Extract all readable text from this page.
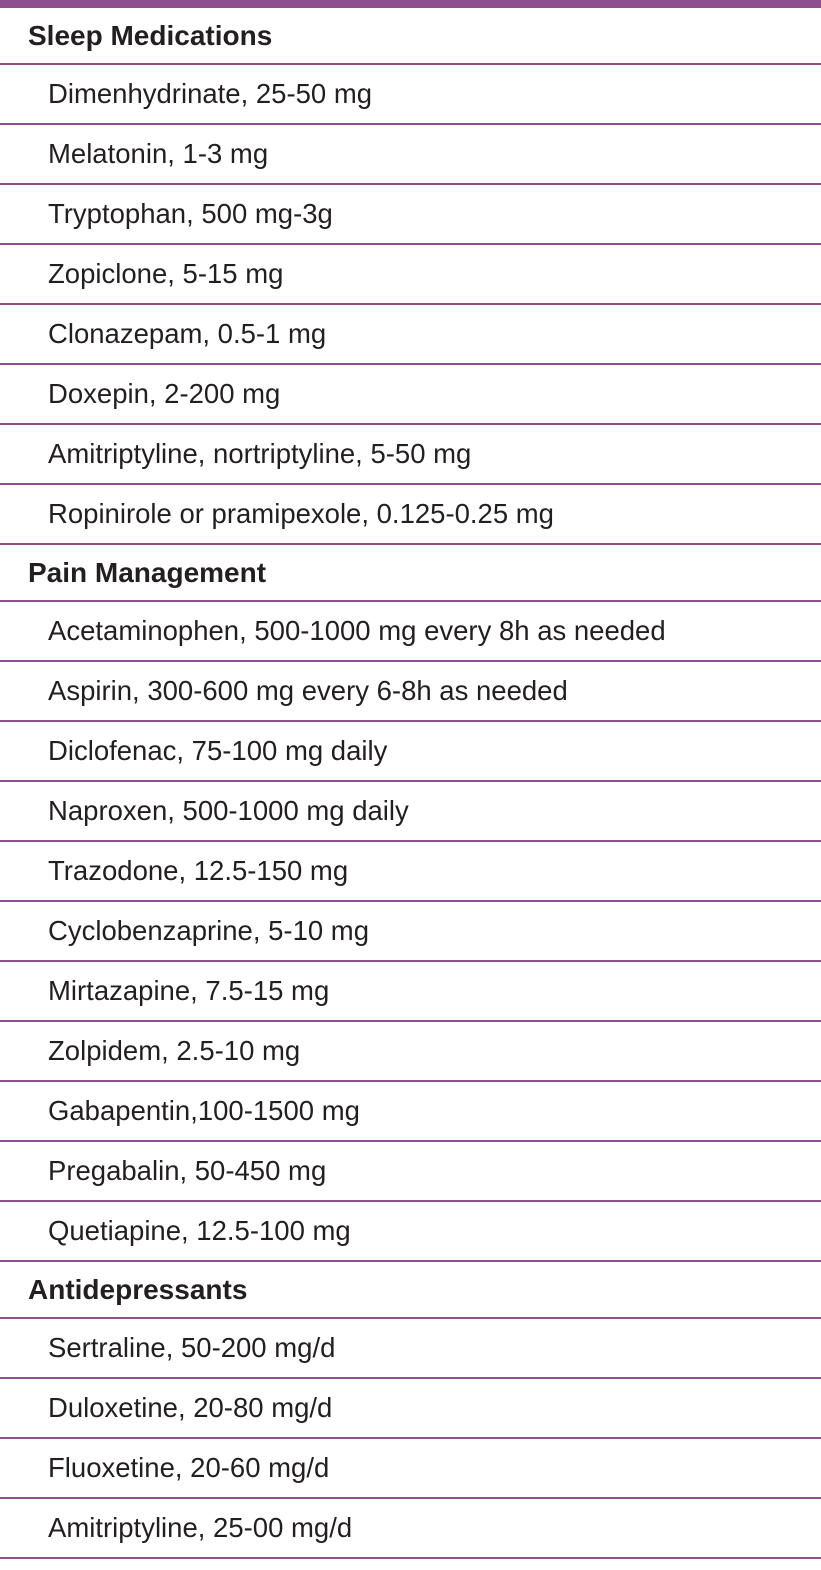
Sleep Medications
Dimenhydrinate, 25-50 mg
Melatonin, 1-3 mg
Tryptophan, 500 mg-3g
Zopiclone, 5-15 mg
Clonazepam, 0.5-1 mg
Doxepin, 2-200 mg
Amitriptyline, nortriptyline, 5-50 mg
Ropinirole or pramipexole, 0.125-0.25 mg
Pain Management
Acetaminophen, 500-1000 mg every 8h as needed
Aspirin, 300-600 mg every 6-8h as needed
Diclofenac, 75-100 mg daily
Naproxen, 500-1000 mg daily
Trazodone, 12.5-150 mg
Cyclobenzaprine, 5-10 mg
Mirtazapine, 7.5-15 mg
Zolpidem, 2.5-10 mg
Gabapentin,100-1500 mg
Pregabalin, 50-450 mg
Quetiapine, 12.5-100 mg
Antidepressants
Sertraline, 50-200 mg/d
Duloxetine, 20-80 mg/d
Fluoxetine, 20-60 mg/d
Amitriptyline, 25-00 mg/d
